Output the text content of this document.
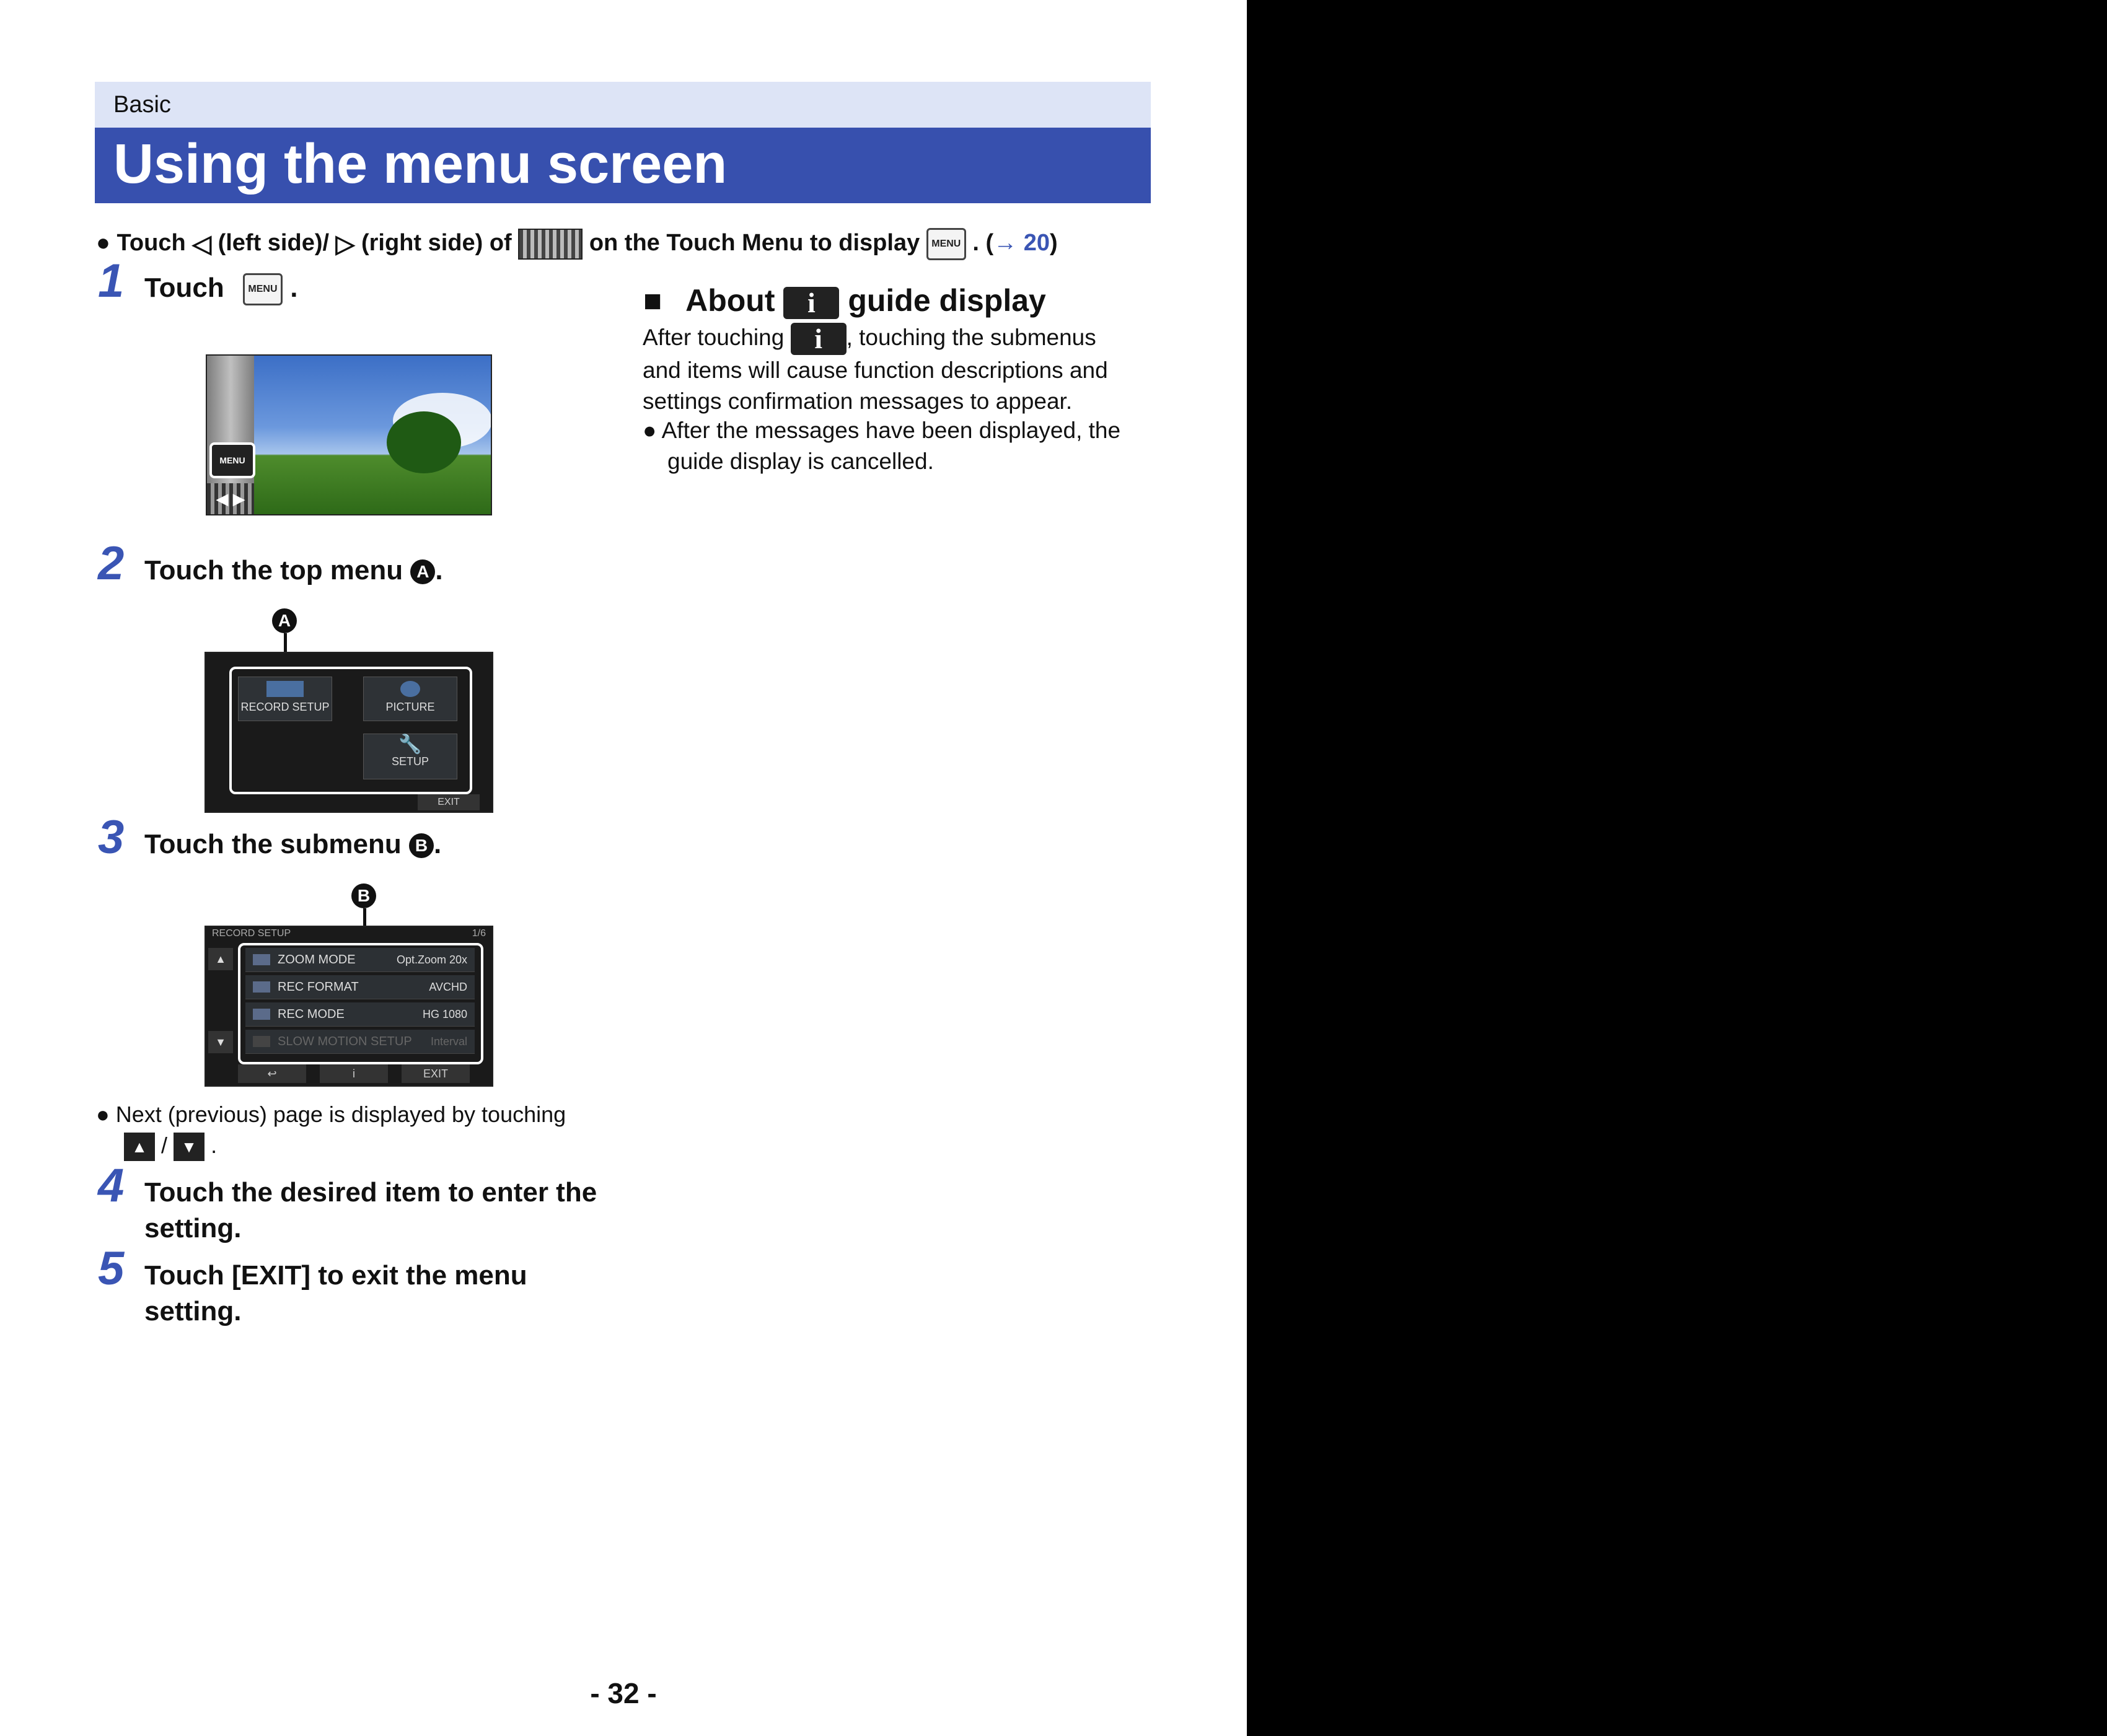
Basic
Using the menu screen
● Touch ◁ (left side)/ ▷ (right side) of	on the Touch Menu to display MENU . (→ 20)
1 Touch MENU .
MENU
◀ ▶
2 Touch the top menu A .
A
RECORD SETUP	PICTURE
🔧
SETUP
EXIT
3 Touch the submenu B .
B
RECORD SETUP	1/6
▲
▼
ZOOM MODE	Opt.Zoom 20x
REC FORMAT	AVCHD
REC MODE	HG 1080
SLOW MOTION SETUP Interval
↩	i	EXIT
● Next (previous) page is displayed by touching
▲ / ▼ .
4 Touch the desired item to enter the
setting.
5 Touch [EXIT] to exit the menu
setting.
■ About i guide display
After touching i , touching the submenus
and items will cause function descriptions and
settings confirmation messages to appear.
● After the messages have been displayed, the
guide display is cancelled.
- 32 -
